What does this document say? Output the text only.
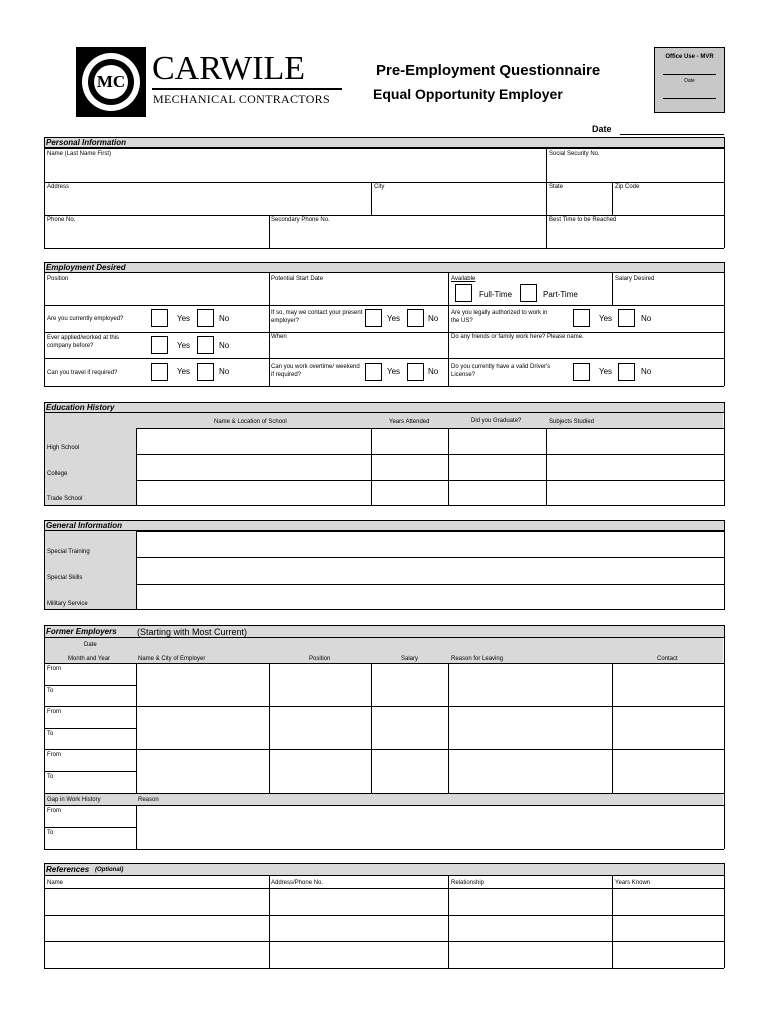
MC CARWILE
MECHANICAL CONTRACTORS
Pre-Employment Questionnaire
Equal Opportunity Employer
Office Use - MVR
Date
Date
Personal Information
Name (Last Name First)	Social Security No.
Address	City	State	Zip Code
Phone No.	Secondary Phone No.	Best Time to be Reached
Employment Desired
Position	Potential Start Date	Available	Salary Desired
Full-Time	Part-Time
Are you currently employed?	Yes	No
If so, may we contact your present employer?	Yes	No
Are you legally authorized to work in the US?	Yes	No
Ever applied/worked at this company before?	Yes	No
When	Do any friends or family work here? Please name.
Can you travel if required?	Yes	No	Can you work overtime/ weekend if required?	Yes	No Do you currently have a valid Driver's License?	Yes	No
Education History
Name & Location of School	Years Attended	Did you Graduate?	Subjects Studied
High School
College
Trade School
General Information
Special Training
Special Skills
Military Service
Former Employers (Starting with Most Current)
Date
Month and Year	Name & City of Employer	Position	Salary	Reason for Leaving	Contact
From
To
From
To
From
To
Gap in Work History	Reason
From
To
References (Optional)
Name	Address/Phone No.	Relationship	Years Known
